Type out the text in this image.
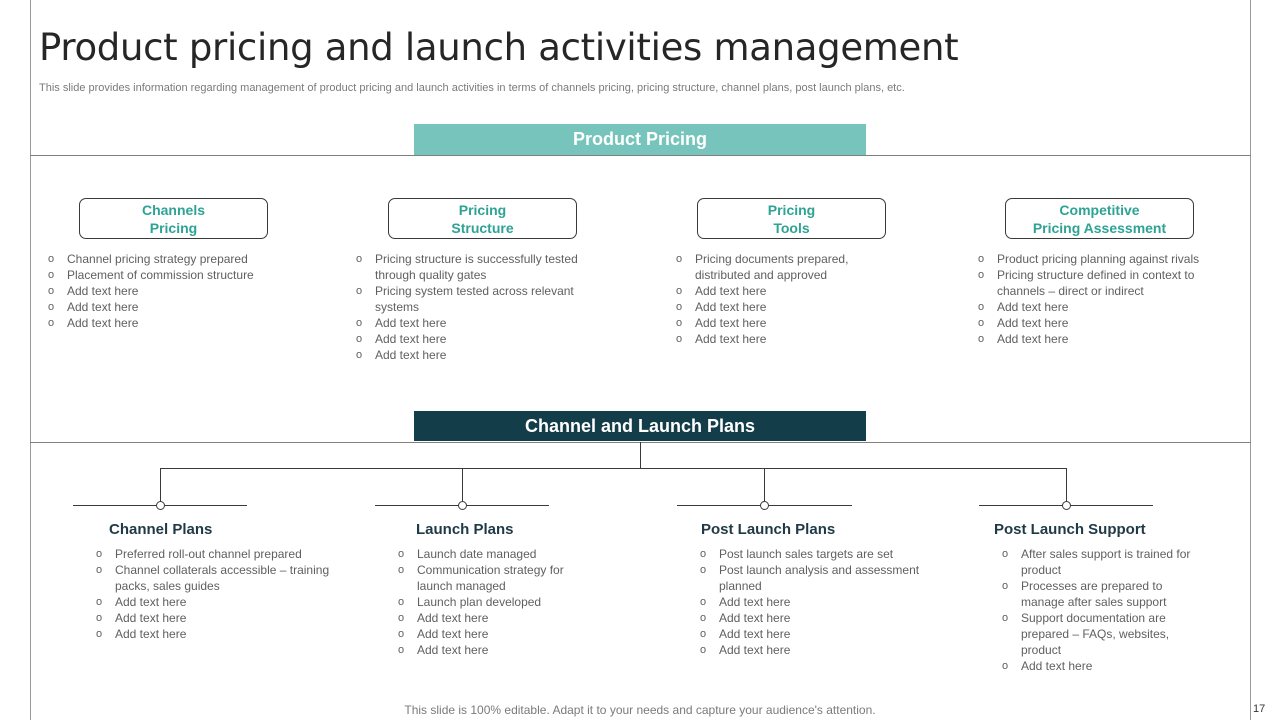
Product pricing and launch activities management

This slide provides information regarding management of product pricing and launch activities in terms of channels pricing, pricing structure, channel plans, post launch plans, etc.

Product Pricing
Channels
Pricing
Pricing
Structure
Pricing
Tools
Competitive
Pricing Assessment
o Channel pricing strategy prepared
o Placement of commission structure
o Add text here
o Add text here
o Add text here
o Pricing structure is successfully tested through quality gates
o Pricing system tested across relevant systems
o Add text here
o Add text here
o Add text here
o Pricing documents prepared, distributed and approved
o Add text here
o Add text here
o Add text here
o Add text here
o Product pricing planning against rivals
o Pricing structure defined in context to channels – direct or indirect
o Add text here
o Add text here
o Add text here
Channel and Launch Plans
Channel Plans	Launch Plans	Post Launch Plans	Post Launch Support
o Preferred roll-out channel prepared
o Channel collaterals accessible – training packs, sales guides
o Add text here
o Add text here
o Add text here
o Launch date managed
o Communication strategy for launch managed
o Launch plan developed
o Add text here
o Add text here
o Add text here
o Post launch sales targets are set
o Post launch analysis and assessment planned
o Add text here
o Add text here
o Add text here
o Add text here
o After sales support is trained for product
o Processes are prepared to manage after sales support
o Support documentation are prepared – FAQs, websites, product
o Add text here
This slide is 100% editable. Adapt it to your needs and capture your audience's attention.	17
